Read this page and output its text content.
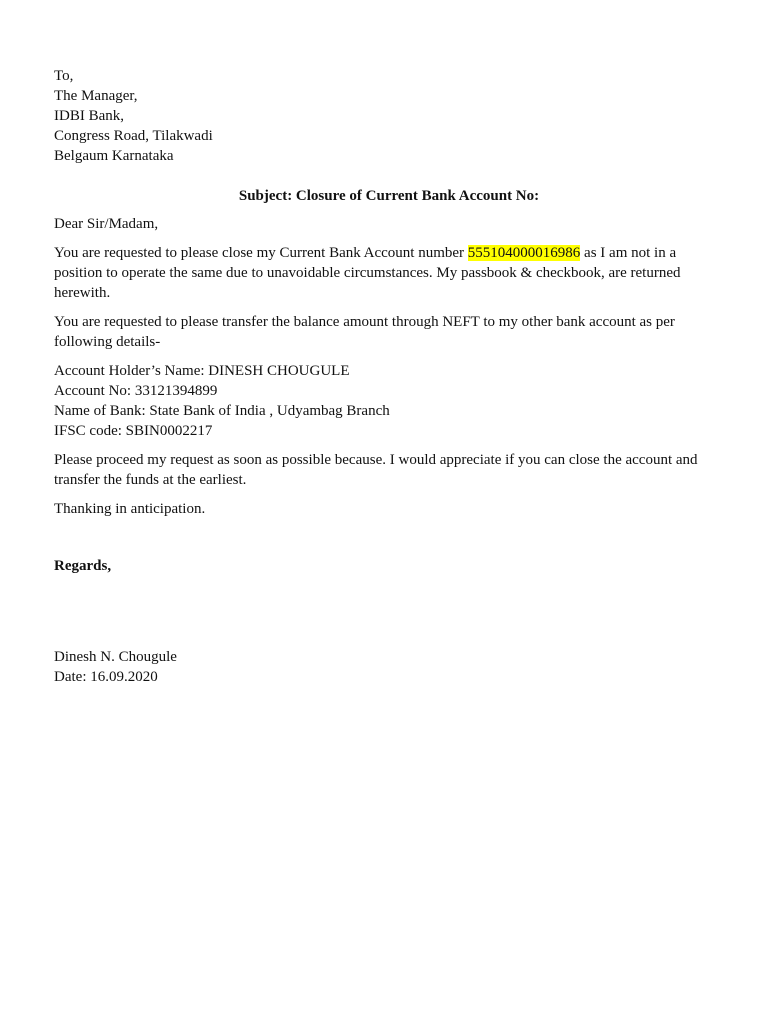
To,
The Manager,
IDBI Bank,
Congress Road, Tilakwadi
Belgaum Karnataka
Subject: Closure of Current Bank Account No:
Dear Sir/Madam,
You are requested to please close my Current Bank Account number 555104000016986 as I am not in a position to operate the same due to unavoidable circumstances. My passbook & checkbook, are returned herewith.
You are requested to please transfer the balance amount through NEFT to my other bank account as per following details-
Account Holder’s Name: DINESH CHOUGULE
Account No: 33121394899
Name of Bank: State Bank of India , Udyambag Branch
IFSC code: SBIN0002217
Please proceed my request as soon as possible because. I would appreciate if you can close the account and transfer the funds at the earliest.
Thanking in anticipation.
Regards,
Dinesh N. Chougule
Date: 16.09.2020
